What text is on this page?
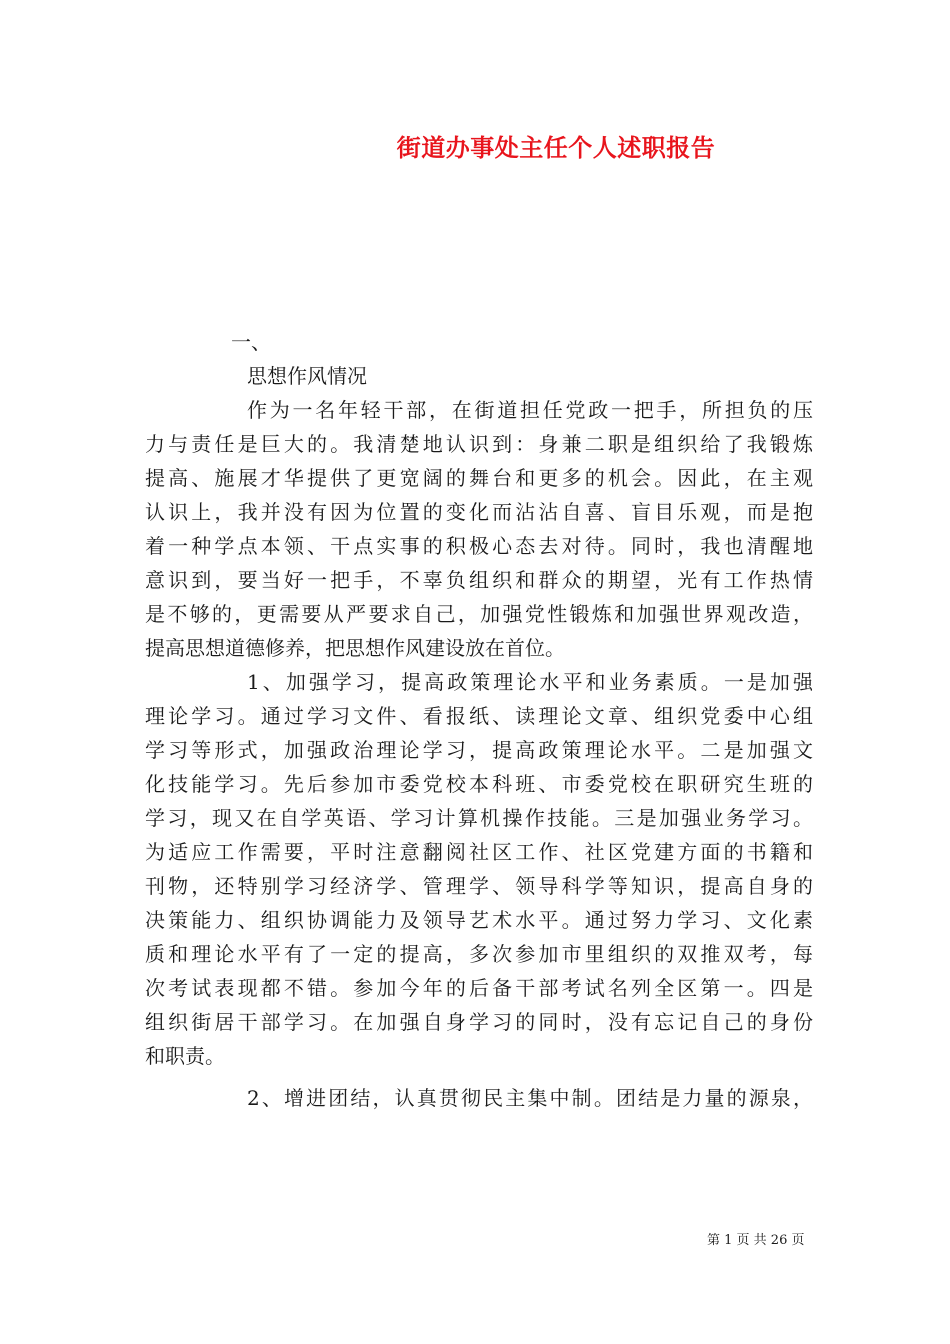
街道办事处主任个人述职报告
一、
思想作风情况
作为一名年轻干部，在街道担任党政一把手，所担负的压
力与责任是巨大的。我清楚地认识到：身兼二职是组织给了我锻炼
提高、施展才华提供了更宽阔的舞台和更多的机会。因此，在主观
认识上，我并没有因为位置的变化而沾沾自喜、盲目乐观，而是抱
着一种学点本领、干点实事的积极心态去对待。同时，我也清醒地
意识到，要当好一把手，不辜负组织和群众的期望，光有工作热情
是不够的，更需要从严要求自己，加强党性锻炼和加强世界观改造，
提高思想道德修养，把思想作风建设放在首位。
1、加强学习，提高政策理论水平和业务素质。一是加强
理论学习。通过学习文件、看报纸、读理论文章、组织党委中心组
学习等形式，加强政治理论学习，提高政策理论水平。二是加强文
化技能学习。先后参加市委党校本科班、市委党校在职研究生班的
学习，现又在自学英语、学习计算机操作技能。三是加强业务学习。
为适应工作需要，平时注意翻阅社区工作、社区党建方面的书籍和
刊物，还特别学习经济学、管理学、领导科学等知识，提高自身的
决策能力、组织协调能力及领导艺术水平。通过努力学习、文化素
质和理论水平有了一定的提高，多次参加市里组织的双推双考，每
次考试表现都不错。参加今年的后备干部考试名列全区第一。四是
组织街居干部学习。在加强自身学习的同时，没有忘记自己的身份
和职责。
2、增进团结，认真贯彻民主集中制。团结是力量的源泉，
第 1 页 共 26 页
